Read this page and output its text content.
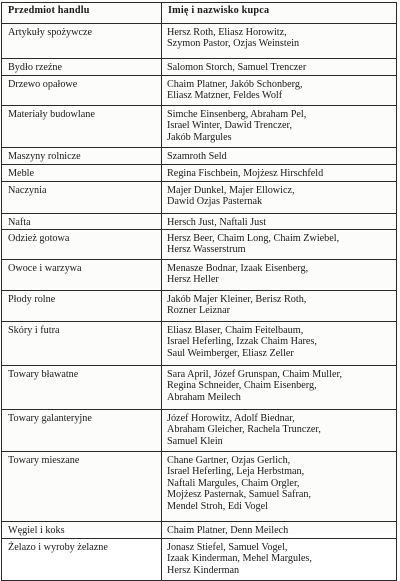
Przedmiot handlu	Imię i nazwisko kupca
Artykuły spożywcze	Hersz Roth, Eliasz Horowitz,
Szymon Pastor, Ozjas Weinstein

Bydło rzeźne	Salomon Storch, Samuel Trenczer

Drzewo opałowe	Chaim Platner, Jakób Schonberg,
Eliasz Matzner, Feldes Wolf

Materiały budowlane	Simche Einsenberg, Abraham Pel,
Israel Winter, Dawid Trenczer,
Jakób Margules

Maszyny rolnicze	Szamroth Seld

Meble	Regina Fischbein, Mojżesz Hirschfeld

Naczynia	Majer Dunkel, Majer Ellowicz,
Dawid Ozjas Pasternak

Nafta	Hersch Just, Naftali Just

Odzież gotowa	Hersz Beer, Chaim Long, Chaim Zwiebel,
Hersz Wasserstrum

Owoce i warzywa	Menasze Bodnar, Izaak Eisenberg,
Hersz Heller

Płody rolne	Jakób Majer Kleiner, Berisz Roth,
Rozner Leiznar

Skóry i futra	Eliasz Blaser, Chaim Feitelbaum,
Israel Heferling, Izzak Chaim Hares,
Saul Weimberger, Eliasz Zeller

Towary bławatne	Sara April, Józef Grunspan, Chaim Muller,
Regina Schneider, Chaim Eisenberg,
Abraham Meilech

Towary galanteryjne	Józef Horowitz, Adolf Biednar,
Abraham Gleicher, Rachela Trunczer,
Samuel Klein

Towary mieszane	Chane Gartner, Ozjas Gerlich,
Israel Heferling, Leja Herbstman,
Naftali Margules, Chaim Orgler,
Mojżesz Pasternak, Samuel Safran,
Mendel Stroh, Edi Vogel

Węgiel i koks	Chaim Platner, Denn Meilech

Żelazo i wyroby żelazne	Jonasz Stiefel, Samuel Vogel,
Izaak Kinderman, Mehel Margules,
Hersz Kinderman
